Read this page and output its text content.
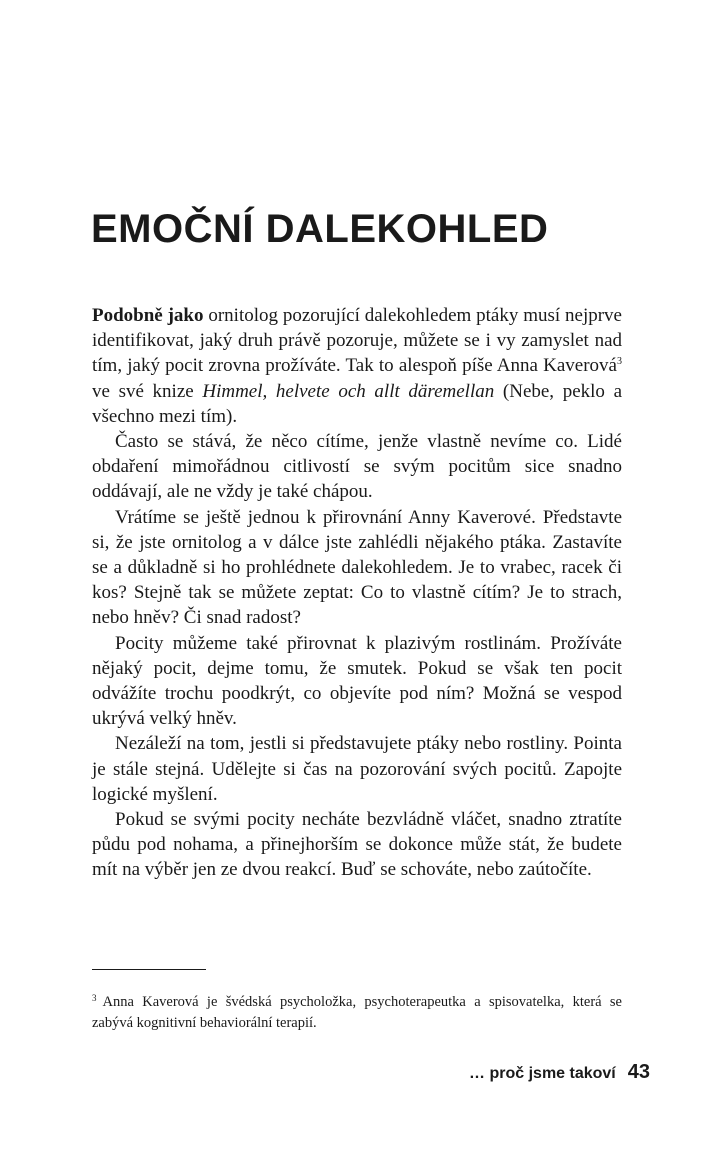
EMOČNÍ DALEKOHLED

Podobně jako ornitolog pozorující dalekohledem ptáky musí nejprve identifikovat, jaký druh právě pozoruje, můžete se i vy zamyslet nad tím, jaký pocit zrovna prožíváte. Tak to alespoň píše Anna Kaverová$^3$ ve své knize Himmel, helvete och allt däremellan (Nebe, peklo a všechno mezi tím).

Často se stává, že něco cítíme, jenže vlastně nevíme co. Lidé obdaření mimořádnou citlivostí se svým pocitům sice snadno oddávají, ale ne vždy je také chápou.

Vrátíme se ještě jednou k přirovnání Anny Kaverové. Představte si, že jste ornitolog a v dálce jste zahlédli nějakého ptáka. Zastavíte se a důkladně si ho prohlédnete dalekohledem. Je to vrabec, racek či kos? Stejně tak se můžete zeptat: Co to vlastně cítím? Je to strach, nebo hněv? Či snad radost?

Pocity můžeme také přirovnat k plazivým rostlinám. Prožíváte nějaký pocit, dejme tomu, že smutek. Pokud se však ten pocit odvážíte trochu poodkrýt, co objevíte pod ním? Možná se vespod ukrývá velký hněv.

Nezáleží na tom, jestli si představujete ptáky nebo rostliny. Pointa je stále stejná. Udělejte si čas na pozorování svých pocitů. Zapojte logické myšlení.

Pokud se svými pocity necháte bezvládně vláčet, snadno ztratíte půdu pod nohama, a přinejhorším se dokonce může stát, že budete mít na výběr jen ze dvou reakcí. Buď se schováte, nebo zaútočíte.

$^3$ Anna Kaverová je švédská psycholožka, psychoterapeutka a spisovatelka, která se zabývá kognitivní behaviorální terapií.
… proč jsme takoví 43
